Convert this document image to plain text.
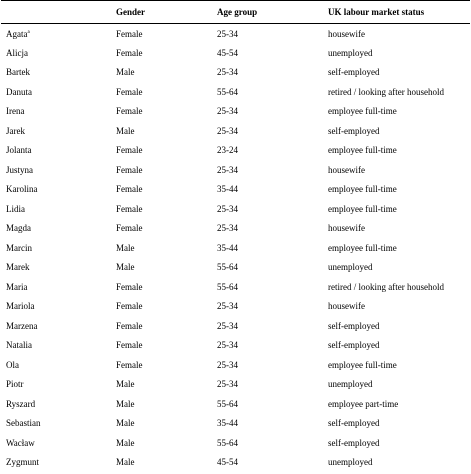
	Gender	Age group	UK labour market status
Agata$^a$	Female	25-34	housewife
Alicja	Female	45-54	unemployed
Bartek	Male	25-34	self-employed
Danuta	Female	55-64	retired / looking after household
Irena	Female	25-34	employee full-time
Jarek	Male	25-34	self-employed
Jolanta	Female	23-24	employee full-time
Justyna	Female	25-34	housewife
Karolina	Female	35-44	employee full-time
Lidia	Female	25-34	employee full-time
Magda	Female	25-34	housewife
Marcin	Male	35-44	employee full-time
Marek	Male	55-64	unemployed
Maria	Female	55-64	retired / looking after household
Mariola	Female	25-34	housewife
Marzena	Female	25-34	self-employed
Natalia	Female	25-34	self-employed
Ola	Female	25-34	employee full-time
Piotr	Male	25-34	unemployed
Ryszard	Male	55-64	employee part-time
Sebastian	Male	35-44	self-employed
Wacław	Male	55-64	self-employed
Zygmunt	Male	45-54	unemployed
